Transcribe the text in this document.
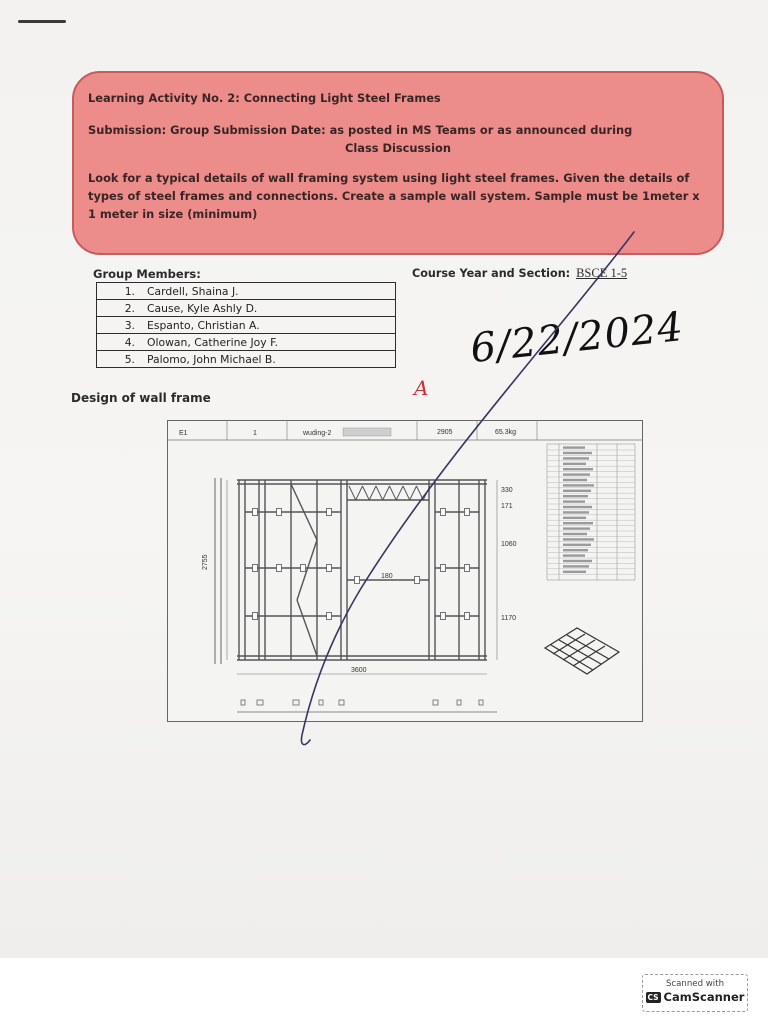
Learning Activity No. 2: Connecting Light Steel Frames

Submission: Group Submission Date: as posted in MS Teams or as announced during

Class Discussion

Look for a typical details of wall framing system using light steel frames. Given the details of types of steel frames and connections. Create a sample wall system. Sample must be 1meter x 1 meter in size (minimum)

Group Members:
1.	Cardell, Shaina J.
2.	Cause, Kyle Ashly D.
3.	Espanto, Christian A.
4.	Olowan, Catherine Joy F.
5.	Palomo, John Michael B.
Course Year and Section: BSCE 1-5
6/22/2024
A
Design of wall frame
E1	1	wuding-2	2905	65.3kg
2755
3600
330
171
1060
1170
180
Scanned with
CS CamScanner
